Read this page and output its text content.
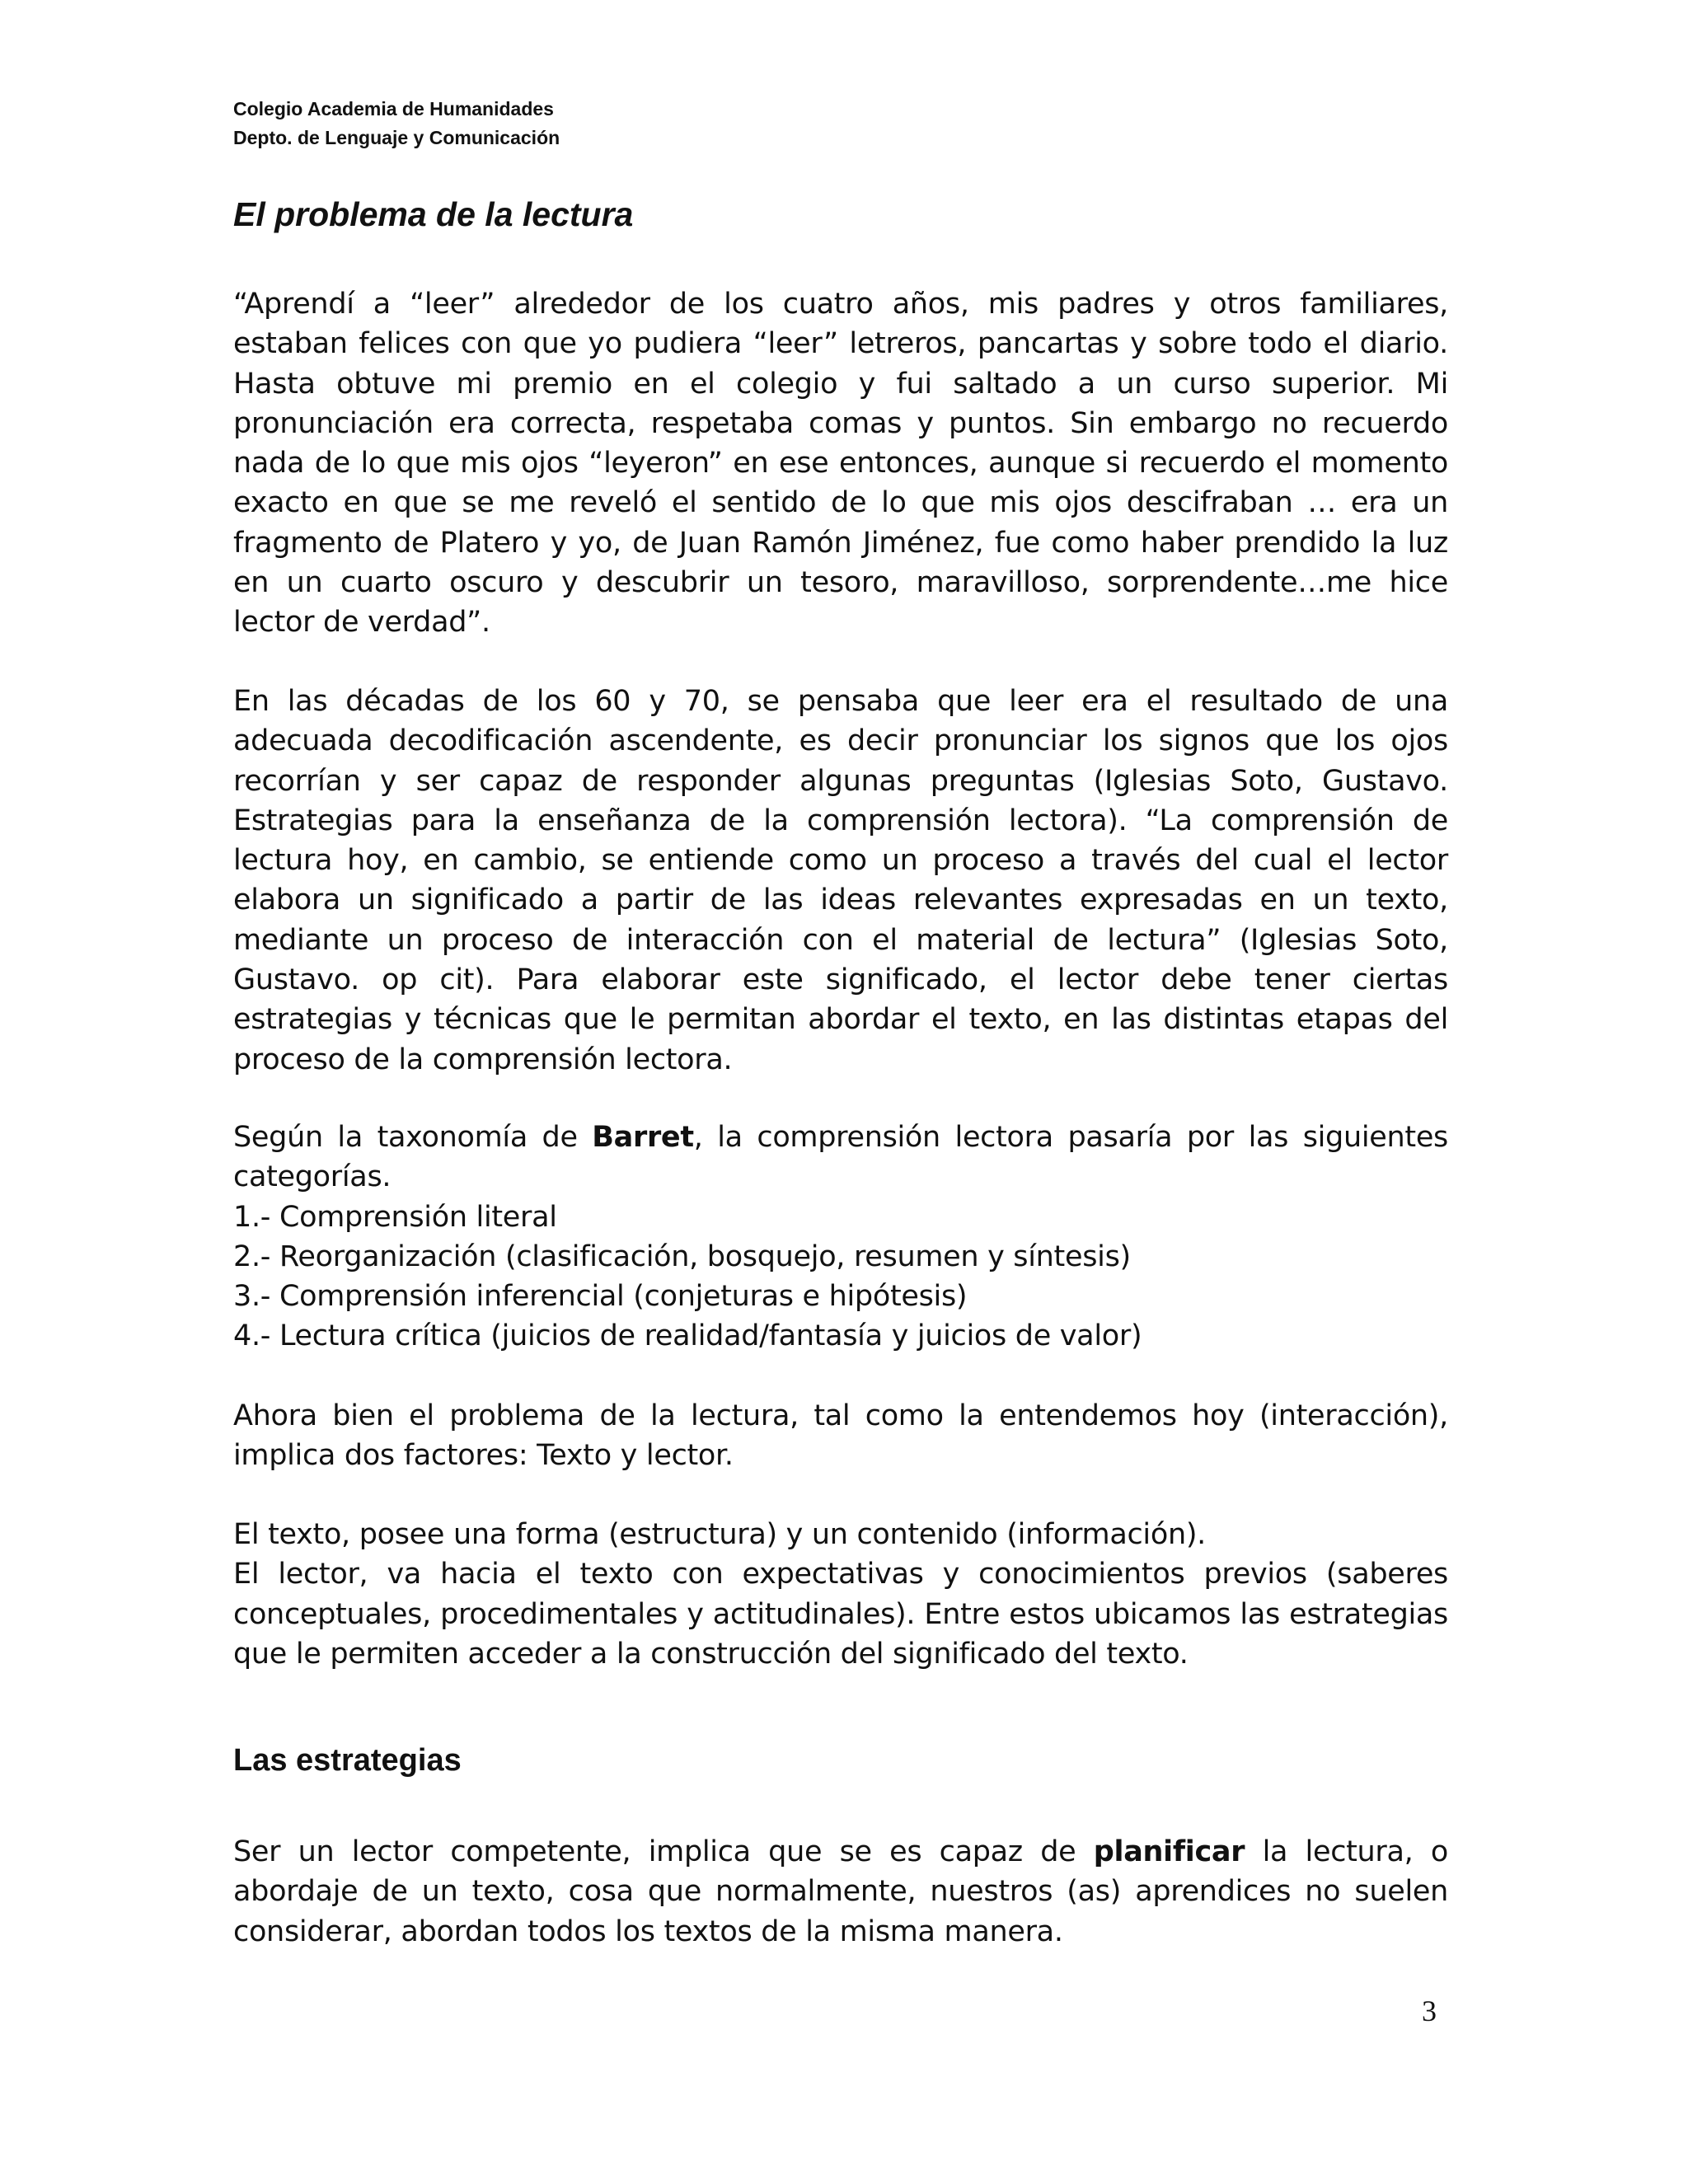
Colegio Academia de Humanidades
Depto. de Lenguaje y Comunicación
El problema de la lectura
“Aprendí a “leer” alrededor de los cuatro años, mis padres y otros familiares, estaban felices con que yo pudiera “leer” letreros, pancartas y sobre todo el diario. Hasta obtuve mi premio en el colegio y fui saltado a un curso superior. Mi pronunciación era correcta, respetaba comas y puntos. Sin embargo no recuerdo nada de lo que mis ojos “leyeron” en ese entonces, aunque si recuerdo el momento exacto en que se me reveló el sentido de lo que mis ojos descifraban … era un fragmento de Platero y yo, de Juan Ramón Jiménez, fue como haber prendido la luz en un cuarto oscuro y descubrir un tesoro, maravilloso, sorprendente…me hice lector de verdad”.
En las décadas de los 60 y 70, se pensaba que leer era el resultado de una adecuada decodificación ascendente, es decir pronunciar los signos que los ojos recorrían y ser capaz de responder algunas preguntas (Iglesias Soto, Gustavo. Estrategias para la enseñanza de la comprensión lectora). “La comprensión de lectura hoy, en cambio, se entiende como un proceso a través del cual el lector elabora un significado a partir de las ideas relevantes expresadas en un texto, mediante un proceso de interacción con el material de lectura” (Iglesias Soto, Gustavo. op cit). Para elaborar este significado, el lector debe tener ciertas estrategias y técnicas que le permitan abordar el texto, en las distintas etapas del proceso de la comprensión lectora.
Según la taxonomía de Barret, la comprensión lectora pasaría por las siguientes categorías.
1.- Comprensión literal
2.- Reorganización (clasificación, bosquejo, resumen y síntesis)
3.- Comprensión inferencial (conjeturas e hipótesis)
4.- Lectura crítica (juicios de realidad/fantasía y juicios de valor)
Ahora bien el problema de la lectura, tal como la entendemos hoy (interacción), implica dos factores: Texto y lector.
El texto, posee una forma (estructura) y un contenido (información).
El lector, va hacia el texto con expectativas y conocimientos previos (saberes conceptuales, procedimentales y actitudinales). Entre estos ubicamos las estrategias que le permiten acceder a la construcción del significado del texto.
Las estrategias
Ser un lector competente, implica que se es capaz de planificar la lectura, o abordaje de un texto, cosa que normalmente, nuestros (as) aprendices no suelen considerar, abordan todos los textos de la misma manera.
3
